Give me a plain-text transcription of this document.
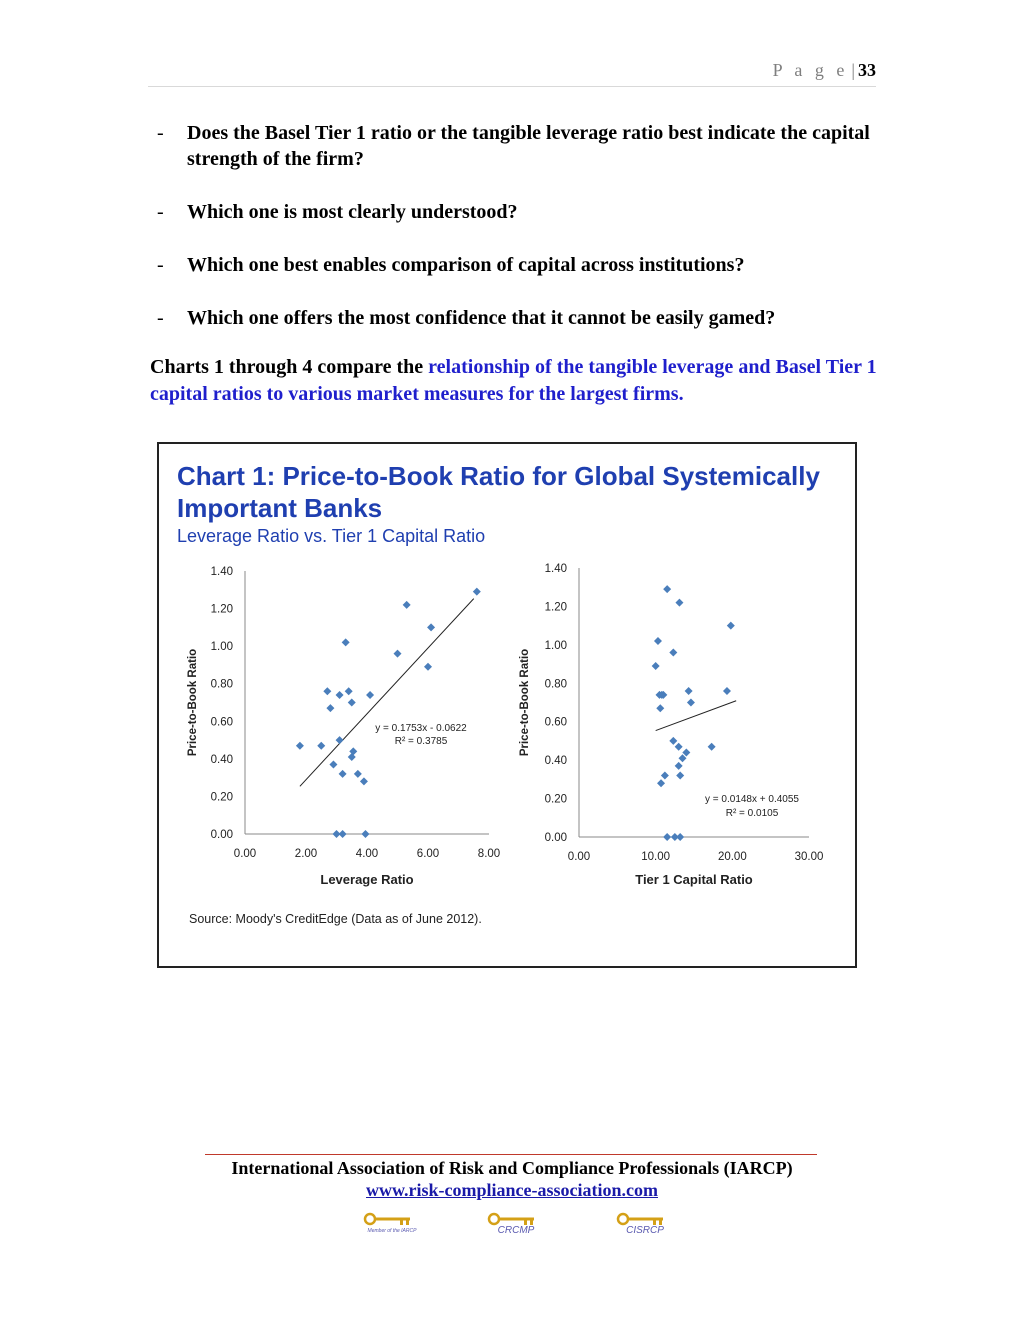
P a g e | 33
- Does the Basel Tier 1 ratio or the tangible leverage ratio best indicate the capital strength of the firm?
- Which one is most clearly understood?
- Which one best enables comparison of capital across institutions?
- Which one offers the most confidence that it cannot be easily gamed?

Charts 1 through 4 compare the relationship of the tangible leverage and Basel Tier 1 capital ratios to various market measures for the largest firms.

Chart 1: Price-to-Book Ratio for Global Systemically Important Banks

Leverage Ratio vs. Tier 1 Capital Ratio

0.00
0.20
0.40
0.60
0.80
1.00
1.20
1.40
0.00	2.00	4.00	6.00	8.00
Leverage Ratio
Price-to-Book Ratio	y = 0.1753x - 0.0622
R² = 0.3785
0.00
0.20
0.40
0.60
0.80
1.00
1.20
1.40
0.00	10.00	20.00	30.00
Tier 1 Capital Ratio
Price-to-Book Ratio
y = 0.0148x + 0.4055
R² = 0.0105

Source: Moody's CreditEdge (Data as of June 2012).

International Association of Risk and Compliance Professionals (IARCP)

www.risk-compliance-association.com

Member of the IARCP	CRCMP	CISRCP
